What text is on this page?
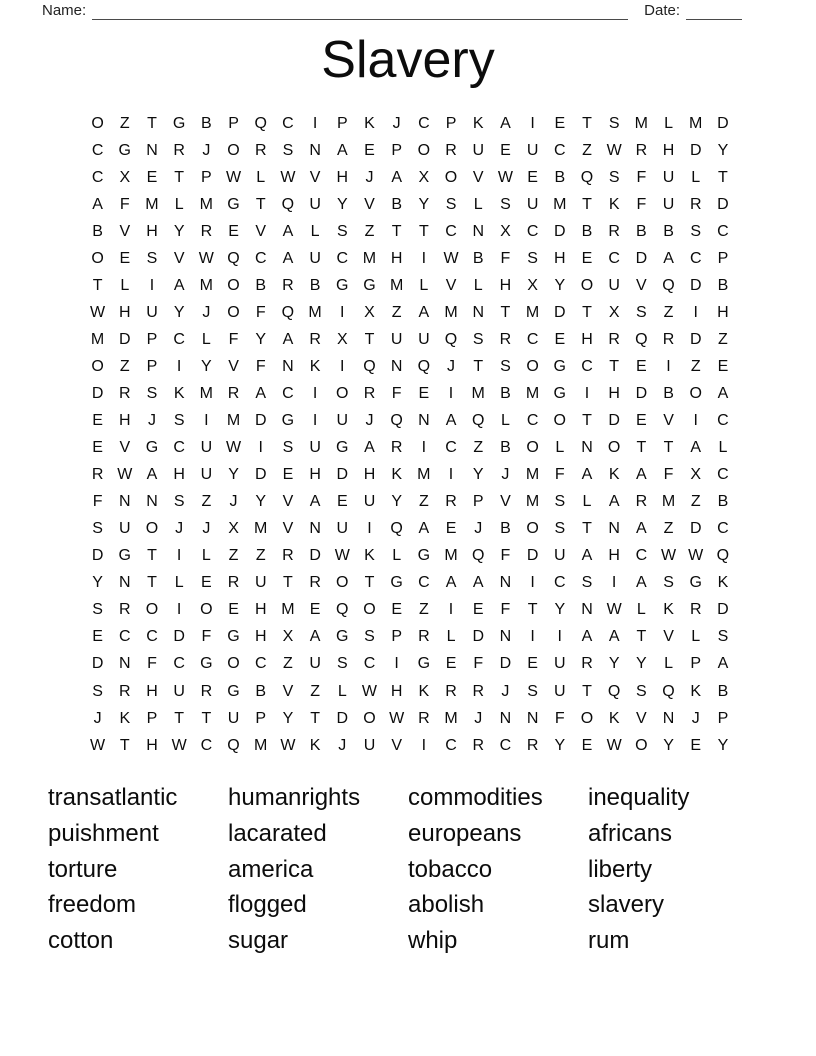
Name:	Date:
Slavery
O	Z	T	G B	P Q C	I	P	K	J	C	P	K	A	I	E	T	S M	L	M D
C G N R	J	O R	S	N	A	E	P O R U	E	U C	Z W R H D	Y
C	X	E	T	P W L W V	H	J	A	X O V W E	B Q S	F	U	L	T
A	F M	L	M G	T	Q U	Y	V	B	Y	S	L	S	U M T	K	F	U R D
B	V	H	Y	R	E	V	A	L	S	Z	T	T	C N	X	C D	B	R	B	B	S	C
O E	S	V W Q C	A	U C M H	I	W B	F	S	H	E	C D	A	C	P
T	L	I	A M O B	R	B G G M	L	V	L	H	X	Y O U	V Q D	B
W H U	Y	J	O	F	Q M	I	X	Z	A M N	T M D	T	X	S	Z	I	H
M D	P	C	L	F	Y	A	R	X	T	U U Q S	R C	E	H R Q R D	Z
O	Z	P	I	Y	V	F	N	K	I	Q N Q	J	T	S O G C	T	E	I	Z	E
D R	S	K M R	A	C	I	O R	F	E	I	M B M G	I	H D	B O A
E	H	J	S	I	M D G	I	U	J	Q N	A Q	L	C O	T	D	E	V	I	C
E	V G C U W	I	S	U G A	R	I	C	Z	B O	L	N O	T	T	A	L
R W A	H U	Y	D	E	H D H	K M	I	Y	J	M F	A	K	A	F	X	C
F	N N	S	Z	J	Y	V	A	E	U	Y	Z	R	P	V M S	L	A	R M Z	B
S	U O	J	J	X M V	N U	I	Q A	E	J	B O S	T	N	A	Z	D C
D G	T	I	L	Z	Z	R D W K	L	G M Q	F	D U	A	H C W W Q
Y	N	T	L	E	R U	T	R O	T	G C	A	A	N	I	C	S	I	A	S G K
S	R O	I	O E	H M E Q O E	Z	I	E	F	T	Y	N W L	K	R D
E	C C D	F	G H	X	A G S	P	R	L	D N	I	I	A	A	T	V	L	S
D N	F	C G O C	Z	U	S	C	I	G E	F	D	E	U R	Y	Y	L	P	A
S	R H U R G B	V	Z	L W H	K	R R	J	S	U	T	Q S Q K	B
J	K	P	T	T	U	P	Y	T	D O W R M	J	N N	F	O K	V	N	J	P
W T	H W C Q M W K	J	U	V	I	C R C R	Y	E W O Y	E	Y
transatlantic
puishment
torture
freedom
cotton
humanrights
lacarated
america
flogged
sugar
commodities
europeans
tobacco
abolish
whip
inequality
africans
liberty
slavery
rum
